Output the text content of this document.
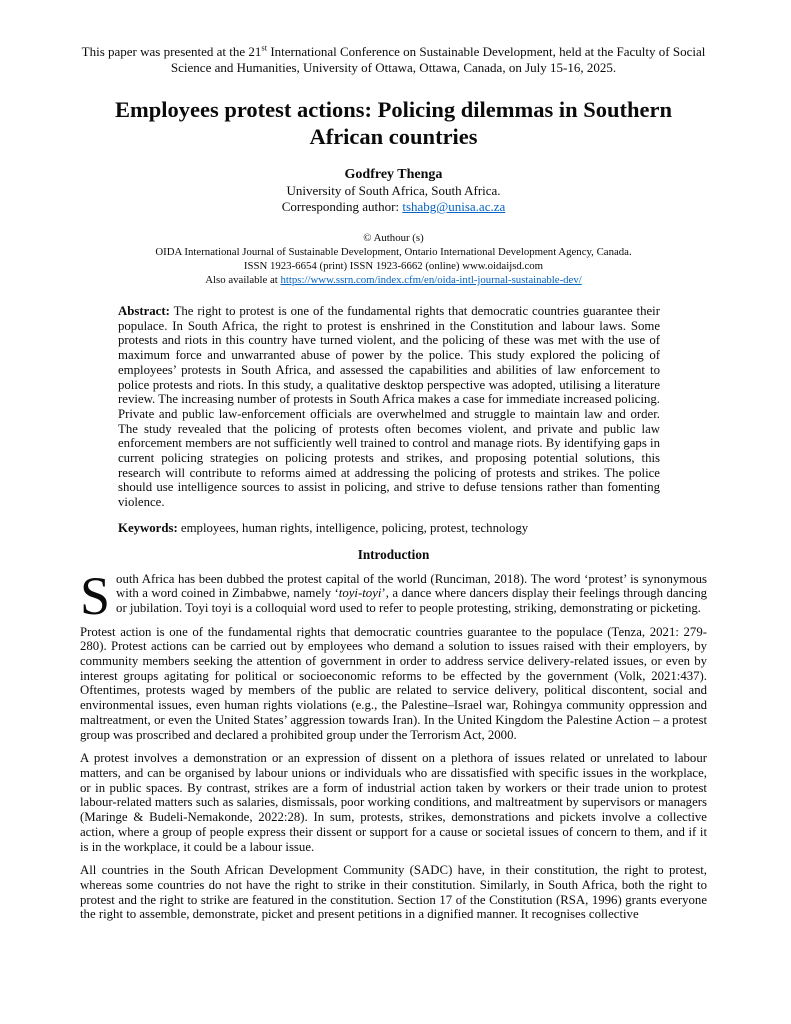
This paper was presented at the 21st International Conference on Sustainable Development, held at the Faculty of Social Science and Humanities, University of Ottawa, Ottawa, Canada, on July 15-16, 2025.

Employees protest actions: Policing dilemmas in Southern African countries

Godfrey Thenga

University of South Africa, South Africa.

Corresponding author: tshabg@unisa.ac.za

© Authour (s)

OIDA International Journal of Sustainable Development, Ontario International Development Agency, Canada.

ISSN 1923-6654 (print) ISSN 1923-6662 (online) www.oidaijsd.com

Also available at https://www.ssrn.com/index.cfm/en/oida-intl-journal-sustainable-dev/

Abstract: The right to protest is one of the fundamental rights that democratic countries guarantee their populace. In South Africa, the right to protest is enshrined in the Constitution and labour laws. Some protests and riots in this country have turned violent, and the policing of these was met with the use of maximum force and unwarranted abuse of power by the police. This study explored the policing of employees’ protests in South Africa, and assessed the capabilities and abilities of law enforcement to police protests and riots. In this study, a qualitative desktop perspective was adopted, utilising a literature review. The increasing number of protests in South Africa makes a case for immediate increased policing. Private and public law-enforcement officials are overwhelmed and struggle to maintain law and order. The study revealed that the policing of protests often becomes violent, and private and public law enforcement members are not sufficiently well trained to control and manage riots. By identifying gaps in current policing strategies on policing protests and strikes, and proposing potential solutions, this research will contribute to reforms aimed at addressing the policing of protests and strikes. The police should use intelligence sources to assist in policing, and strive to defuse tensions rather than fomenting violence.

Keywords: employees, human rights, intelligence, policing, protest, technology

Introduction

South Africa has been dubbed the protest capital of the world (Runciman, 2018). The word ‘protest’ is synonymous with a word coined in Zimbabwe, namely ‘toyi-toyi’, a dance where dancers display their feelings through dancing or jubilation. Toyi toyi is a colloquial word used to refer to people protesting, striking, demonstrating or picketing.

Protest action is one of the fundamental rights that democratic countries guarantee to the populace (Tenza, 2021: 279-280). Protest actions can be carried out by employees who demand a solution to issues raised with their employers, by community members seeking the attention of government in order to address service delivery-related issues, or even by interest groups agitating for political or socioeconomic reforms to be effected by the government (Volk, 2021:437). Oftentimes, protests waged by members of the public are related to service delivery, political discontent, social and environmental issues, even human rights violations (e.g., the Palestine–Israel war, Rohingya community oppression and maltreatment, or even the United States’ aggression towards Iran). In the United Kingdom the Palestine Action – a protest group was proscribed and declared a prohibited group under the Terrorism Act, 2000.

A protest involves a demonstration or an expression of dissent on a plethora of issues related or unrelated to labour matters, and can be organised by labour unions or individuals who are dissatisfied with specific issues in the workplace, or in public spaces. By contrast, strikes are a form of industrial action taken by workers or their trade union to protest labour-related matters such as salaries, dismissals, poor working conditions, and maltreatment by supervisors or managers (Maringe & Budeli-Nemakonde, 2022:28). In sum, protests, strikes, demonstrations and pickets involve a collective action, where a group of people express their dissent or support for a cause or societal issues of concern to them, and if it is in the workplace, it could be a labour issue.

All countries in the South African Development Community (SADC) have, in their constitution, the right to protest, whereas some countries do not have the right to strike in their constitution. Similarly, in South Africa, both the right to protest and the right to strike are featured in the constitution. Section 17 of the Constitution (RSA, 1996) grants everyone the right to assemble, demonstrate, picket and present petitions in a dignified manner. It recognises collective
